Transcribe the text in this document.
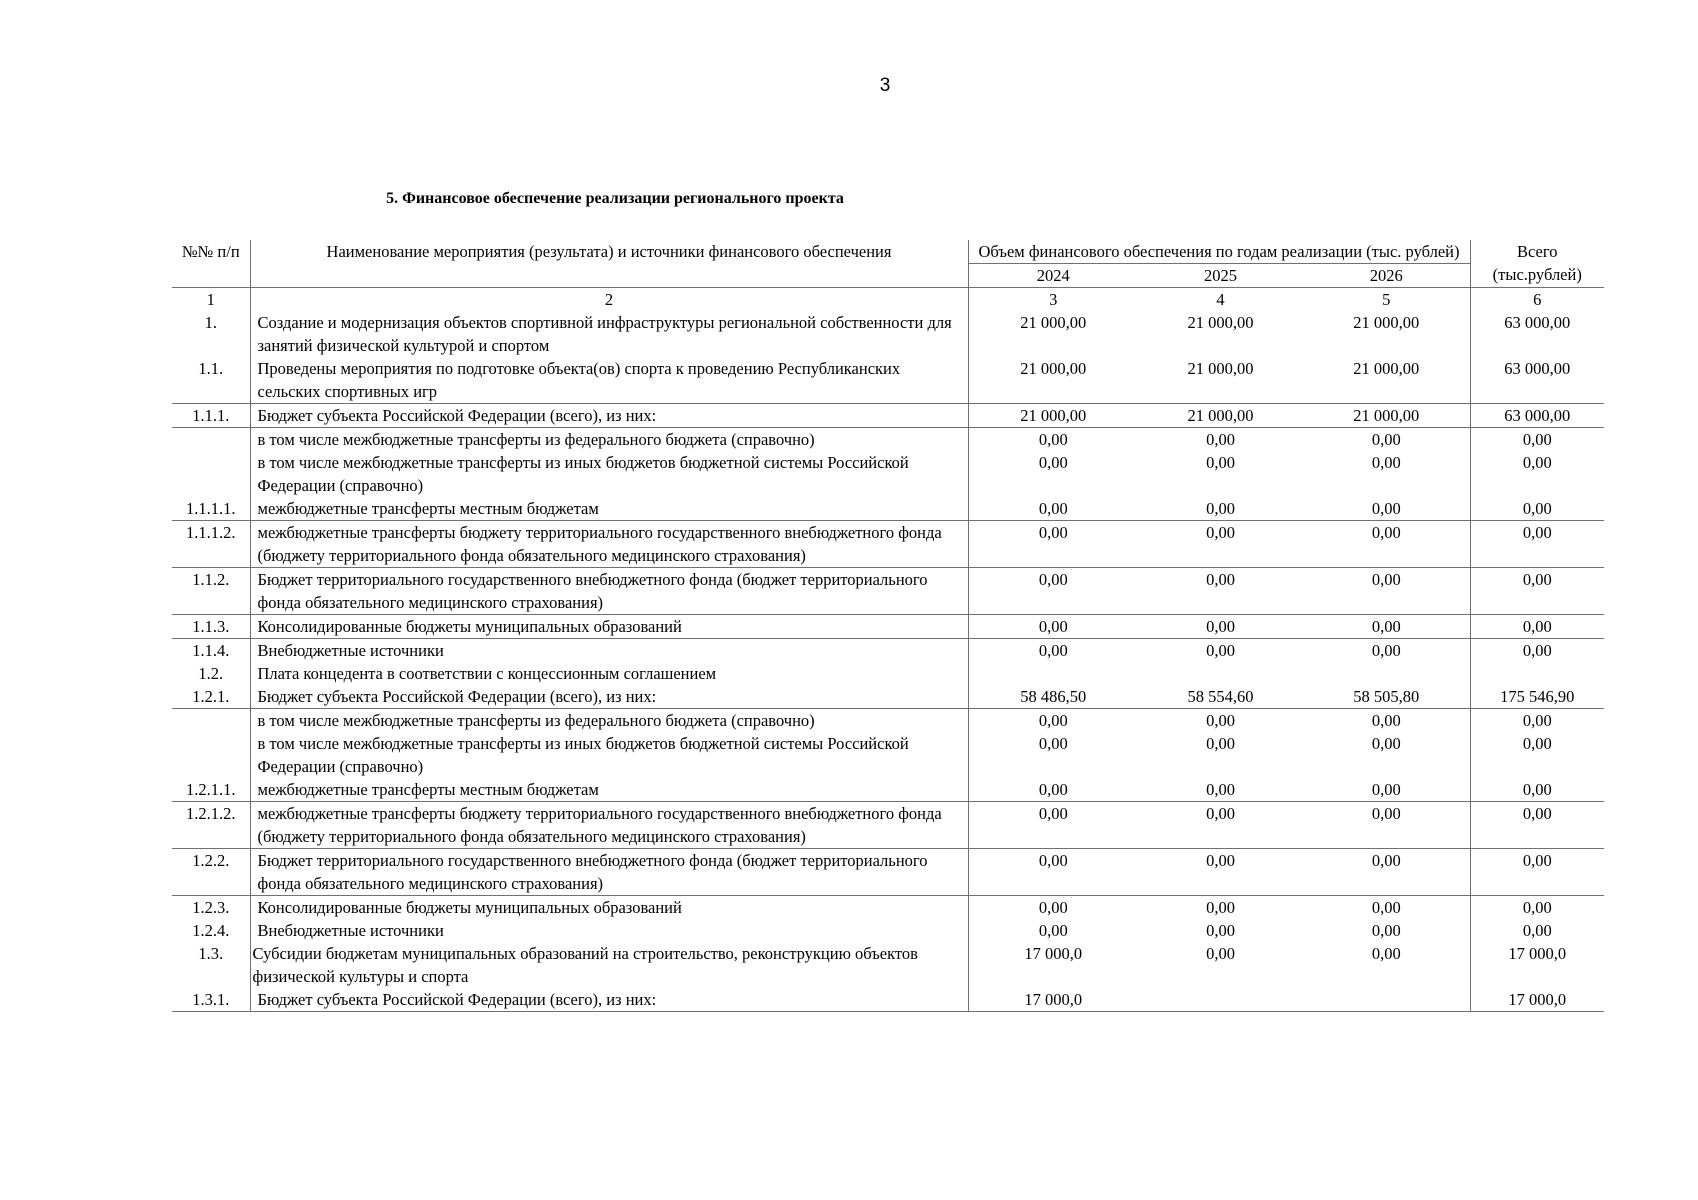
3
5. Финансовое обеспечение реализации регионального проекта
№№ п/п	Наименование мероприятия (результата) и источники финансового обеспечения	Объем финансового обеспечения по годам реализации (тыс. рублей)			Всего (тыс.рублей)
		2024	2025	2026	
1	2	3	4	5	6
1.	Создание и модернизация объектов спортивной инфраструктуры региональной собственности для занятий физической культурой и спортом	21 000,00	21 000,00	21 000,00	63 000,00
1.1.	Проведены мероприятия по подготовке объекта(ов) спорта к проведению Республиканских сельских спортивных игр	21 000,00	21 000,00	21 000,00	63 000,00
1.1.1.	Бюджет субъекта Российской Федерации (всего), из них:	21 000,00	21 000,00	21 000,00	63 000,00
	в том числе межбюджетные трансферты из федерального бюджета (справочно)	0,00	0,00	0,00	0,00
	в том числе межбюджетные трансферты из иных бюджетов бюджетной системы Российской Федерации (справочно)	0,00	0,00	0,00	0,00
1.1.1.1.	межбюджетные трансферты местным бюджетам	0,00	0,00	0,00	0,00
1.1.1.2.	межбюджетные трансферты бюджету территориального государственного внебюджетного фонда (бюджету территориального фонда обязательного медицинского страхования)	0,00	0,00	0,00	0,00
1.1.2.	Бюджет территориального государственного внебюджетного фонда (бюджет территориального фонда обязательного медицинского страхования)	0,00	0,00	0,00	0,00
1.1.3.	Консолидированные бюджеты муниципальных образований	0,00	0,00	0,00	0,00
1.1.4.	Внебюджетные источники	0,00	0,00	0,00	0,00
1.2.	Плата концедента в соответствии с концессионным соглашением				
1.2.1.	Бюджет субъекта Российской Федерации (всего), из них:	58 486,50	58 554,60	58 505,80	175 546,90
	в том числе межбюджетные трансферты из федерального бюджета (справочно)	0,00	0,00	0,00	0,00
	в том числе межбюджетные трансферты из иных бюджетов бюджетной системы Российской Федерации (справочно)	0,00	0,00	0,00	0,00
1.2.1.1.	межбюджетные трансферты местным бюджетам	0,00	0,00	0,00	0,00
1.2.1.2.	межбюджетные трансферты бюджету территориального государственного внебюджетного фонда (бюджету территориального фонда обязательного медицинского страхования)	0,00	0,00	0,00	0,00
1.2.2.	Бюджет территориального государственного внебюджетного фонда (бюджет территориального фонда обязательного медицинского страхования)	0,00	0,00	0,00	0,00
1.2.3.	Консолидированные бюджеты муниципальных образований	0,00	0,00	0,00	0,00
1.2.4.	Внебюджетные источники	0,00	0,00	0,00	0,00
1.3.	Субсидии бюджетам муниципальных образований на строительство, реконструкцию объектов физической культуры и спорта	17 000,0	0,00	0,00	17 000,0
1.3.1.	Бюджет субъекта Российской Федерации (всего), из них:	17 000,0			17 000,0
